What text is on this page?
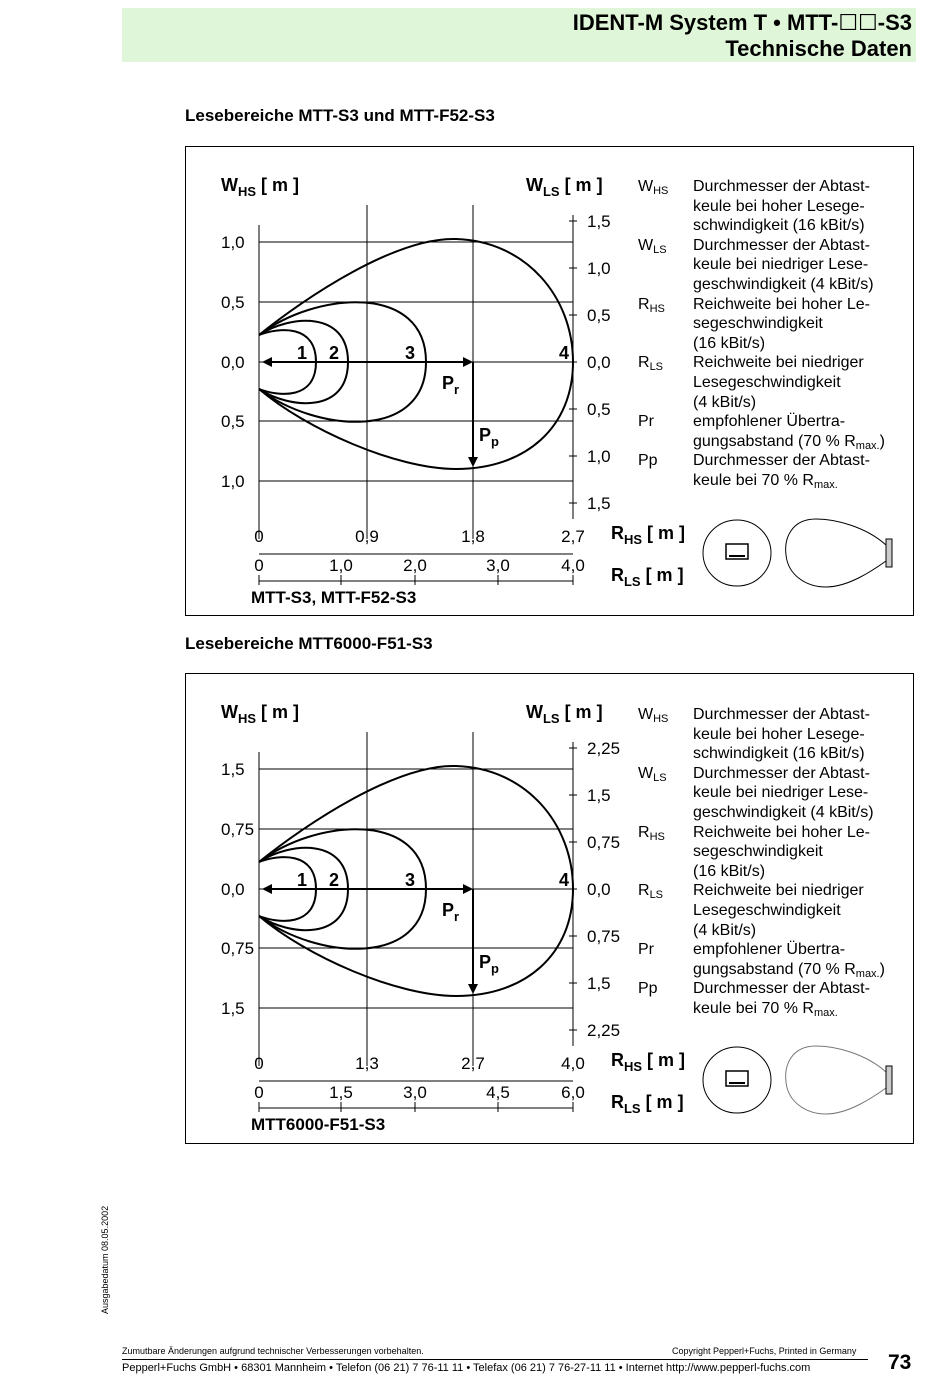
IDENT-M System T • MTT-☐☐-S3
Technische Daten
Lesebereiche MTT-S3 und MTT-F52-S3
$W_{HS}$ [ m ]	$W_{LS}$ [ m ]
1,0
0,5
0,0
0,5
1,0
1,5
1,0
0,5
0,0
0,5
1,0
1,5
1 2	3	4
$P_r$
$P_p$
0	0,9	1,8	2,7 $R_{HS}$ [ m ]
0	1,0	2,0	3,0	4,0 $R_{LS}$ [ m ]
MTT-S3, MTT-F52-S3
$W_{HS}$	Durchmesser der Abtast-
keule bei hoher Lesege-
schwindigkeit (16 kBit/s)
$W_{LS}$	Durchmesser der Abtast-
keule bei niedriger Lese-
geschwindigkeit (4 kBit/s)
$R_{HS}$	Reichweite bei hoher Le-
segeschwindigkeit
(16 kBit/s)
$R_{LS}$	Reichweite bei niedriger
Lesegeschwindigkeit
(4 kBit/s)
Pr	empfohlener Übertra-
gungsabstand (70 % $R_{max.}$)
Pp	Durchmesser der Abtast-
keule bei 70 % $R_{max.}$
Lesebereiche MTT6000-F51-S3
$W_{HS}$ [ m ]	$W_{LS}$ [ m ]
1,5
0,75
0,0
0,75
1,5
2,25
1,5
0,75
0,0
0,75
1,5
2,25
1 2	3	4
$P_r$
$P_p$
0	1,3	2,7	4,0 $R_{HS}$ [ m ]
0	1,5	3,0	4,5	6,0 $R_{LS}$ [ m ]
MTT6000-F51-S3
$W_{HS}$	Durchmesser der Abtast-
keule bei hoher Lesege-
schwindigkeit (16 kBit/s)
$W_{LS}$	Durchmesser der Abtast-
keule bei niedriger Lese-
geschwindigkeit (4 kBit/s)
$R_{HS}$	Reichweite bei hoher Le-
segeschwindigkeit
(16 kBit/s)
$R_{LS}$	Reichweite bei niedriger
Lesegeschwindigkeit
(4 kBit/s)
Pr	empfohlener Übertra-
gungsabstand (70 % $R_{max.}$)
Pp	Durchmesser der Abtast-
keule bei 70 % $R_{max.}$
Ausgabedatum 08.05.2002
Zumutbare Änderungen aufgrund technischer Verbesserungen vorbehalten.	Copyright Pepperl+Fuchs, Printed in Germany
Pepperl+Fuchs GmbH • 68301 Mannheim • Telefon (06 21) 7 76-11 11 • Telefax (06 21) 7 76-27-11 11 • Internet http://www.pepperl-fuchs.com	73
